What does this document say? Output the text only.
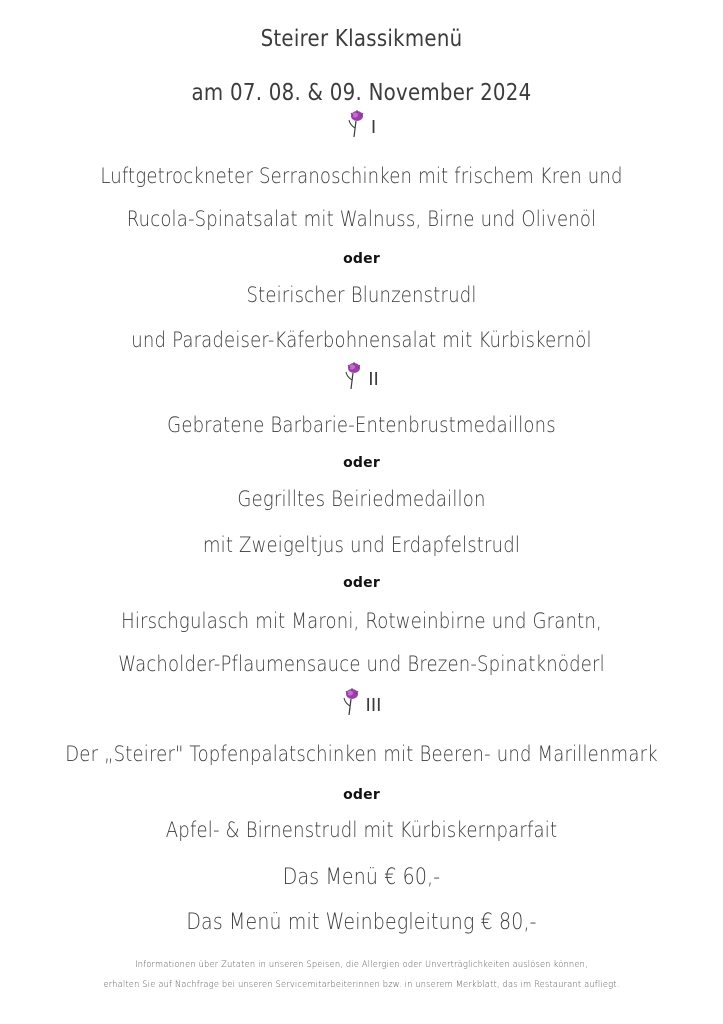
Steirer Klassikmenü
am 07. 08. & 09. November 2024
I
Luftgetrockneter Serranoschinken mit frischem Kren und
Rucola-Spinatsalat mit Walnuss, Birne und Olivenöl
oder
Steirischer Blunzenstrudl
und Paradeiser-Käferbohnensalat mit Kürbiskernöl
II
Gebratene Barbarie-Entenbrustmedaillons
oder
Gegrilltes Beiriedmedaillon
mit Zweigeltjus und Erdapfelstrudl
oder
Hirschgulasch mit Maroni, Rotweinbirne und Grantn,
Wacholder-Pflaumensauce und Brezen-Spinatknöderl
III
Der „Steirer" Topfenpalatschinken mit Beeren- und Marillenmark
oder
Apfel- & Birnenstrudl mit Kürbiskernparfait
Das Menü € 60,-
Das Menü mit Weinbegleitung € 80,-
Informationen über Zutaten in unseren Speisen, die Allergien oder Unverträglichkeiten auslösen können,
erhalten Sie auf Nachfrage bei unseren Servicemitarbeiterinnen bzw. in unserem Merkblatt, das im Restaurant aufliegt.
